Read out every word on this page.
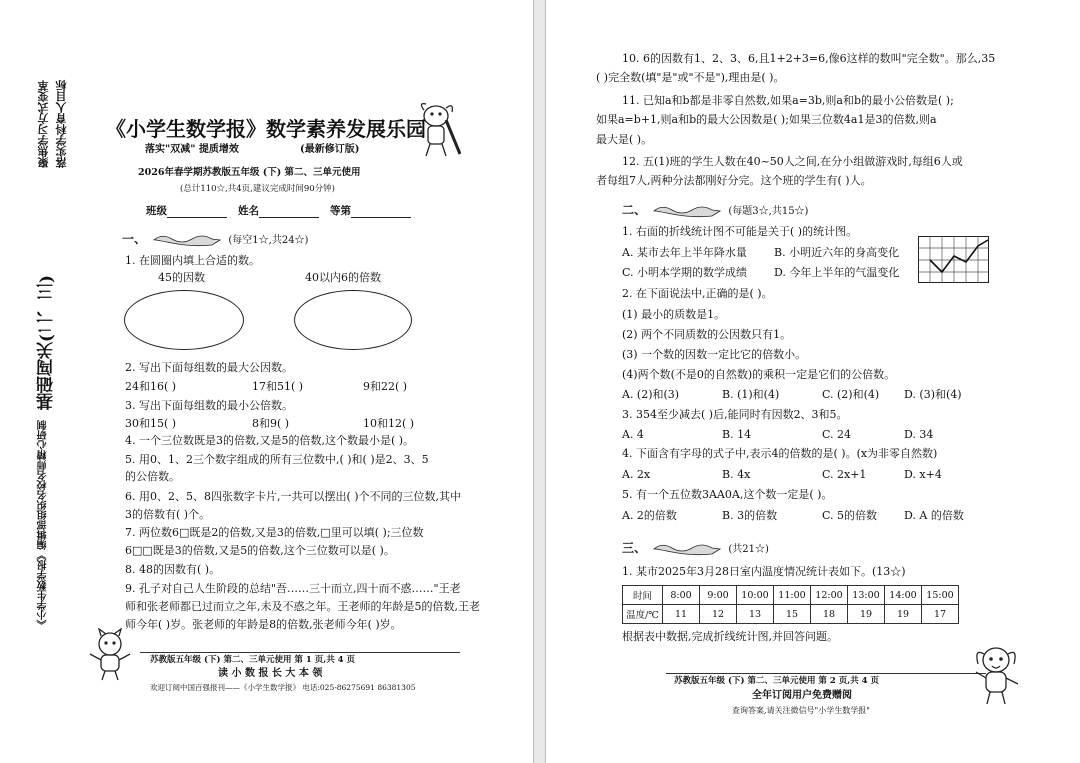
落实学科育人目标
聚焦学习方式变革
基础闯关(二、三)
《小学生数学报》编辑部组织名校名师精心研制
《小学生数学报》数学素养发展乐园
落实"双减" 提质增效	(最新修订版)
2026年春学期苏教版五年级 (下) 第二、三单元使用
(总计110☆,共4页,建议完成时间90分钟)
班级	姓名	等第
一、	(每空1☆,共24☆)
1. 在圆圈内填上合适的数。
45的因数	40以内6的倍数
2. 写出下面每组数的最大公因数。
24和16( )	17和51( )	9和22( )
3. 写出下面每组数的最小公倍数。
30和15( )	8和9( )	10和12( )
4. 一个三位数既是3的倍数,又是5的倍数,这个数最小是( )。
5. 用0、1、2三个数字组成的所有三位数中,( )和( )是2、3、5
的公倍数。
6. 用0、2、5、8四张数字卡片,一共可以摆出( )个不同的三位数,其中
3的倍数有( )个。
7. 两位数6□既是2的倍数,又是3的倍数,□里可以填( );三位数
6□□既是3的倍数,又是5的倍数,这个三位数可以是( )。
8. 48的因数有( )。
9. 孔子对自己人生阶段的总结"吾……三十而立,四十而不惑……"王老
师和张老师都已过而立之年,未及不惑之年。王老师的年龄是5的倍数,王老
师今年( )岁。张老师的年龄是8的倍数,张老师今年( )岁。
苏教版五年级 (下) 第二、三单元使用 第 1 页,共 4 页
读 小 数 报 长 大 本 领
欢迎订阅中国百强报刊——《小学生数学报》 电话:025-86275691 86381305
10. 6的因数有1、2、3、6,且1+2+3=6,像6这样的数叫"完全数"。那么,35
( )完全数(填"是"或"不是"),理由是( )。
11. 已知a和b都是非零自然数,如果a=3b,则a和b的最小公倍数是( );
如果a=b+1,则a和b的最大公因数是( );如果三位数4a1是3的倍数,则a
最大是( )。
12. 五(1)班的学生人数在40~50人之间,在分小组做游戏时,每组6人或
者每组7人,两种分法都刚好分完。这个班的学生有( )人。
二、	(每题3☆,共15☆)
1. 右面的折线统计图不可能是关于( )的统计图。
A. 某市去年上半年降水量 B. 小明近六年的身高变化
C. 小明本学期的数学成绩 D. 今年上半年的气温变化
2. 在下面说法中,正确的是( )。
(1) 最小的质数是1。
(2) 两个不同质数的公因数只有1。
(3) 一个数的因数一定比它的倍数小。
(4)两个数(不是0的自然数)的乘积一定是它们的公倍数。
A. (2)和(3)	B. (1)和(4)	C. (2)和(4) D. (3)和(4)
3. 354至少减去( )后,能同时有因数2、3和5。
A. 4	B. 14	C. 24	D. 34
4. 下面含有字母的式子中,表示4的倍数的是( )。(x为非零自然数)
A. 2x	B. 4x	C. 2x+1	D. x+4
5. 有一个五位数3AA0A,这个数一定是( )。
A. 2的倍数	B. 3的倍数	C. 5的倍数 D. A 的倍数
三、	(共21☆)
1. 某市2025年3月28日室内温度情况统计表如下。(13☆)
时间	8:00	9:00	10:00	11:00	12:00	13:00	14:00	15:00
温度/℃	11	12	13	15	18	19	19	17
根据表中数据,完成折线统计图,并回答问题。
苏教版五年级 (下) 第二、三单元使用 第 2 页,共 4 页
全年订阅用户免费赠阅
查询答案,请关注微信号"小学生数学报"
